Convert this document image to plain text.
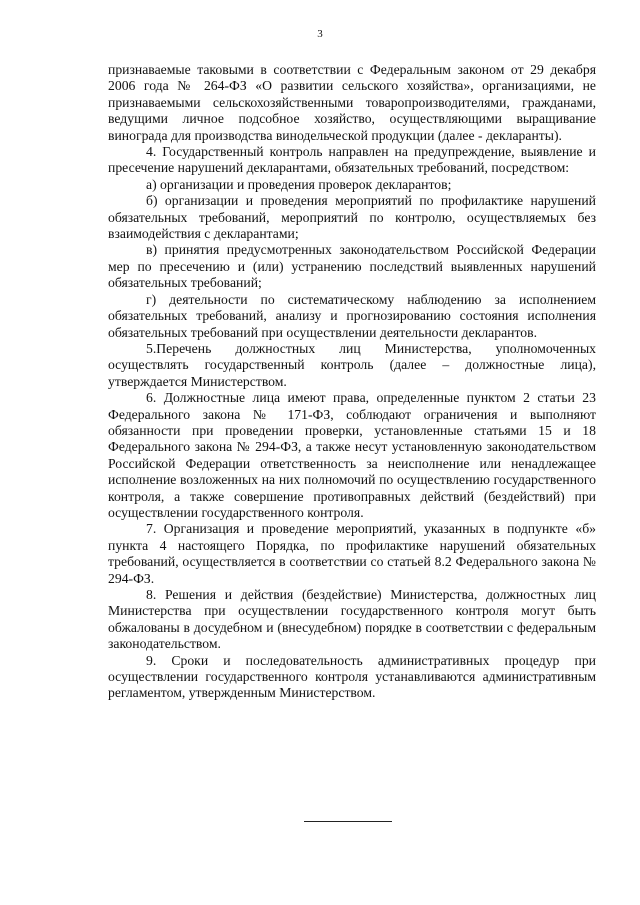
3

признаваемые таковыми в соответствии с Федеральным законом от 29 декабря 2006 года № 264-ФЗ «О развитии сельского хозяйства», организациями, не признаваемыми сельскохозяйственными товаропроизводителями, гражданами, ведущими личное подсобное хозяйство, осуществляющими выращивание винограда для производства винодельческой продукции (далее - декларанты).

4. Государственный контроль направлен на предупреждение, выявление и пресечение нарушений декларантами, обязательных требований, посредством:

а) организации и проведения проверок декларантов;

б) организации и проведения мероприятий по профилактике нарушений обязательных требований, мероприятий по контролю, осуществляемых без взаимодействия с декларантами;

в) принятия предусмотренных законодательством Российской Федерации мер по пресечению и (или) устранению последствий выявленных нарушений обязательных требований;

г) деятельности по систематическому наблюдению за исполнением обязательных требований, анализу и прогнозированию состояния исполнения обязательных требований при осуществлении деятельности декларантов.

5.Перечень должностных лиц Министерства, уполномоченных осуществлять государственный контроль (далее – должностные лица), утверждается Министерством.

6. Должностные лица имеют права, определенные пунктом 2 статьи 23 Федерального закона № 171-ФЗ, соблюдают ограничения и выполняют обязанности при проведении проверки, установленные статьями 15 и 18 Федерального закона № 294-ФЗ, а также несут установленную законодательством Российской Федерации ответственность за неисполнение или ненадлежащее исполнение возложенных на них полномочий по осуществлению государственного контроля, а также совершение противоправных действий (бездействий) при осуществлении государственного контроля.

7. Организация и проведение мероприятий, указанных в подпункте «б» пункта 4 настоящего Порядка, по профилактике нарушений обязательных требований, осуществляется в соответствии со статьей 8.2 Федерального закона № 294-ФЗ.

8. Решения и действия (бездействие) Министерства, должностных лиц Министерства при осуществлении государственного контроля могут быть обжалованы в досудебном и (внесудебном) порядке в соответствии с федеральным законодательством.

9. Сроки и последовательность административных процедур при осуществлении государственного контроля устанавливаются административным регламентом, утвержденным Министерством.
